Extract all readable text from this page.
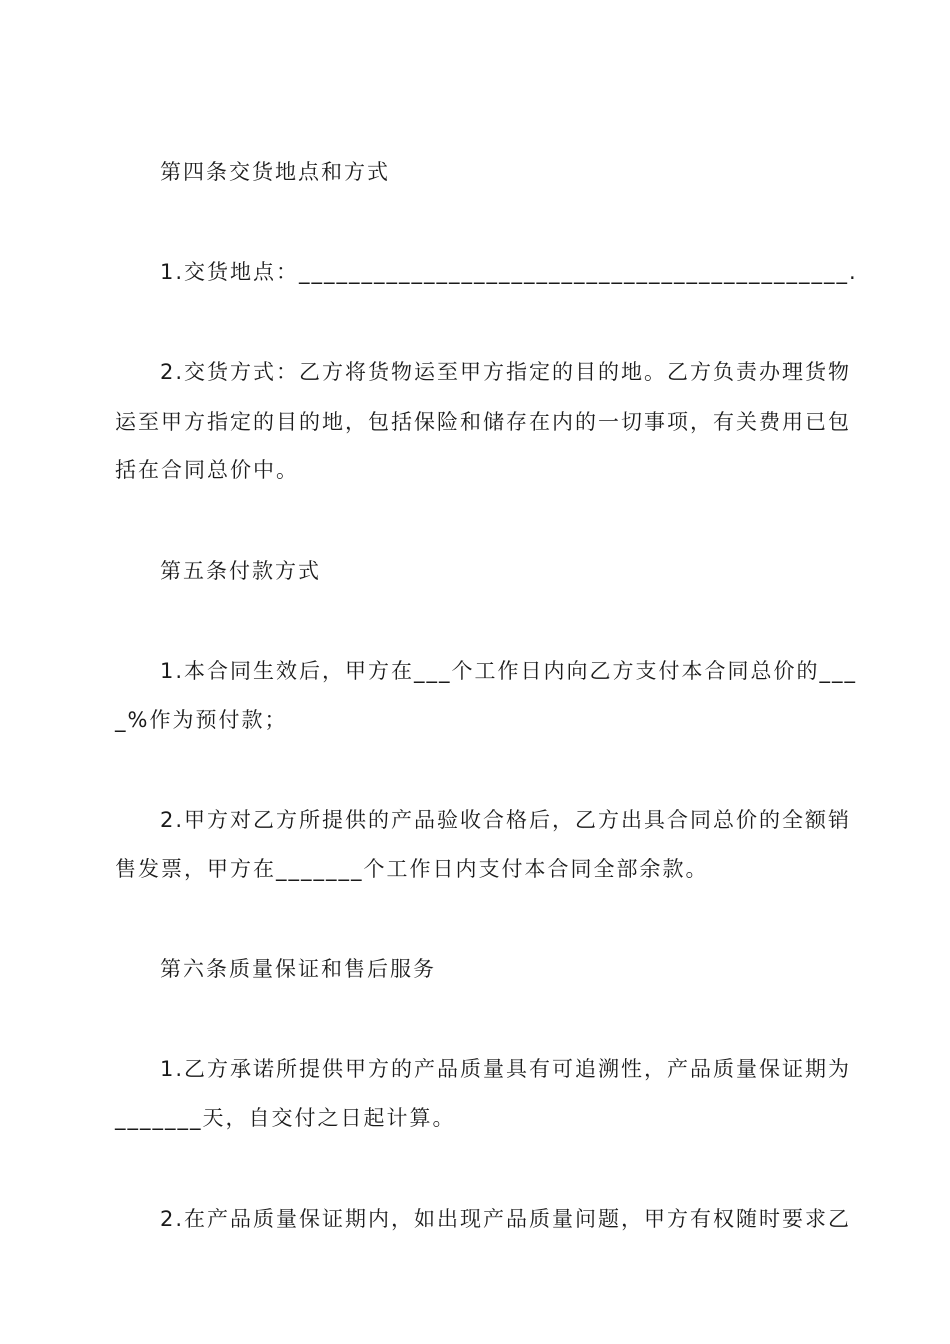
第四条交货地点和方式
1.交货地点：____________________________________________.
2.交货方式：乙方将货物运至甲方指定的目的地。乙方负责办理货物
运至甲方指定的目的地，包括保险和储存在内的一切事项，有关费用已包
括在合同总价中。
第五条付款方式
1.本合同生效后，甲方在___个工作日内向乙方支付本合同总价的___
_%作为预付款；
2.甲方对乙方所提供的产品验收合格后，乙方出具合同总价的全额销
售发票，甲方在_______个工作日内支付本合同全部余款。
第六条质量保证和售后服务
1.乙方承诺所提供甲方的产品质量具有可追溯性，产品质量保证期为
_______天，自交付之日起计算。
2.在产品质量保证期内，如出现产品质量问题，甲方有权随时要求乙
